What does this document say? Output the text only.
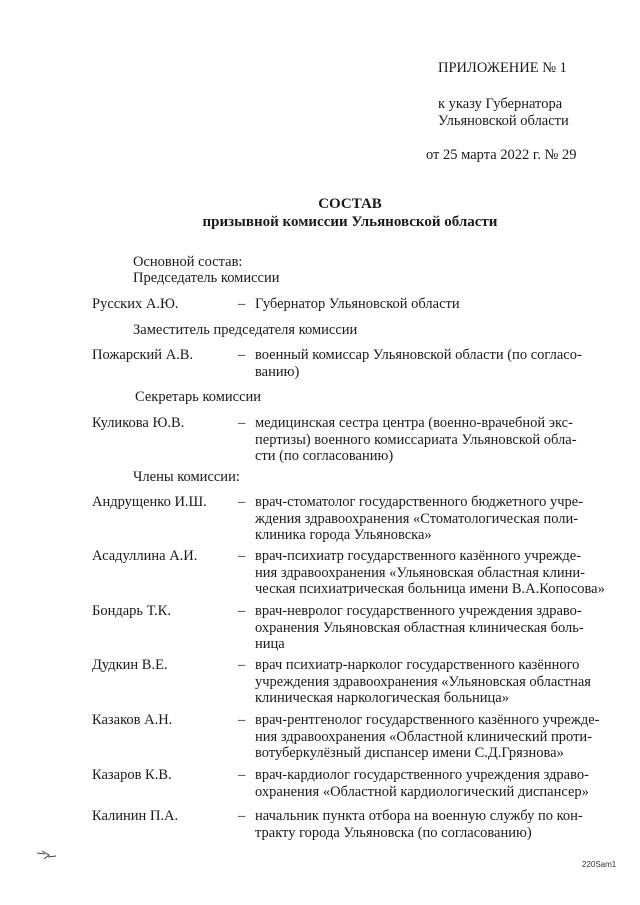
ПРИЛОЖЕНИЕ № 1
к указу Губернатора
Ульяновской области
от 25 марта 2022 г. № 29
СОСТАВ
призывной комиссии Ульяновской области
Основной состав:
Председатель комиссии
Русских А.Ю.	– Губернатор Ульяновской области
Заместитель председателя комиссии
Пожарский А.В.	– военный комиссар Ульяновской области (по согласо-
ванию)
Секретарь комиссии
Куликова Ю.В.	– медицинская сестра центра (военно-врачебной экс-
пертизы) военного комиссариата Ульяновской обла-
сти (по согласованию)
Члены комиссии:
Андрущенко И.Ш. – врач-стоматолог государственного бюджетного учре-
ждения здравоохранения «Стоматологическая поли-
клиника города Ульяновска»
Асадуллина А.И.	– врач-психиатр государственного казённого учрежде-
ния здравоохранения «Ульяновская областная клини-
ческая психиатрическая больница имени В.А.Копосова»
Бондарь Т.К.	– врач-невролог государственного учреждения здраво-
охранения Ульяновская областная клиническая боль-
ница
Дудкин В.Е.	– врач психиатр-нарколог государственного казённого
учреждения здравоохранения «Ульяновская областная
клиническая наркологическая больница»
Казаков А.Н.	– врач-рентгенолог государственного казённого учрежде-
ния здравоохранения «Областной клинический проти-
вотуберкулёзный диспансер имени С.Д.Грязнова»
Казаров К.В.	– врач-кардиолог государственного учреждения здраво-
охранения «Областной кардиологический диспансер»
Калинин П.А.	– начальник пункта отбора на военную службу по кон-
тракту города Ульяновска (по согласованию)
220Sam1
